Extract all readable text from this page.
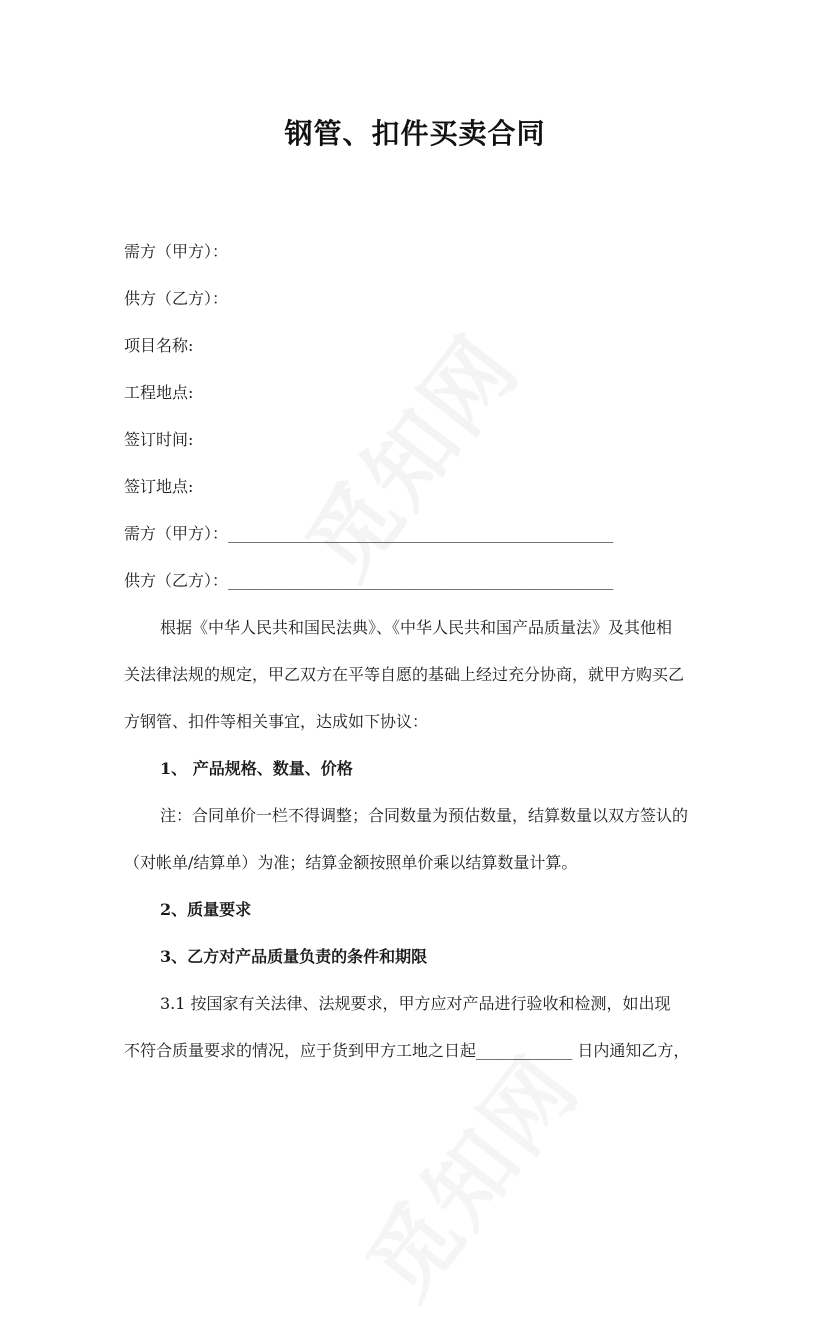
钢管、扣件买卖合同
需方（甲方）：
供方（乙方）：
项目名称:
工程地点:
签订时间:
签订地点:
需方（甲方）：________________________________________
供方（乙方）：________________________________________
根据《中华人民共和国民法典》、《中华人民共和国产品质量法》及其他相
关法律法规的规定，甲乙双方在平等自愿的基础上经过充分协商，就甲方购买乙
方钢管、扣件等相关事宜，达成如下协议：
1、 产品规格、数量、价格
注：合同单价一栏不得调整；合同数量为预估数量，结算数量以双方签认的
（对帐单/结算单）为准；结算金额按照单价乘以结算数量计算。
2、质量要求
3、乙方对产品质量负责的条件和期限
3.1 按国家有关法律、法规要求，甲方应对产品进行验收和检测，如出现
不符合质量要求的情况，应于货到甲方工地之日起__________ 日内通知乙方，
